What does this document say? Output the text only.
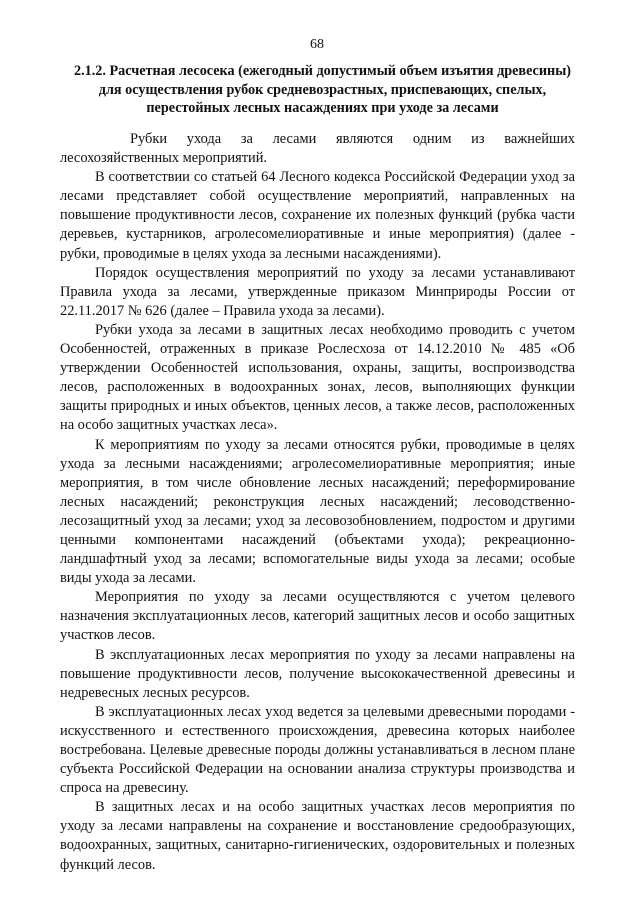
68
2.1.2. Расчетная лесосека (ежегодный допустимый объем изъятия древесины) для осуществления рубок средневозрастных, приспевающих, спелых, перестойных лесных насаждениях при уходе за лесами

Рубки ухода за лесами являются одним из важнейших лесохозяйственных мероприятий.

В соответствии со статьей 64 Лесного кодекса Российской Федерации уход за лесами представляет собой осуществление мероприятий, направленных на повышение продуктивности лесов, сохранение их полезных функций (рубка части деревьев, кустарников, агролесомелиоративные и иные мероприятия) (далее - рубки, проводимые в целях ухода за лесными насаждениями).

Порядок осуществления мероприятий по уходу за лесами устанавливают Правила ухода за лесами, утвержденные приказом Минприроды России от 22.11.2017 № 626 (далее – Правила ухода за лесами).

Рубки ухода за лесами в защитных лесах необходимо проводить с учетом Особенностей, отраженных в приказе Рослесхоза от 14.12.2010 № 485 «Об утверждении Особенностей использования, охраны, защиты, воспроизводства лесов, расположенных в водоохранных зонах, лесов, выполняющих функции защиты природных и иных объектов, ценных лесов, а также лесов, расположенных на особо защитных участках леса».

К мероприятиям по уходу за лесами относятся рубки, проводимые в целях ухода за лесными насаждениями; агролесомелиоративные мероприятия; иные мероприятия, в том числе обновление лесных насаждений; переформирование лесных насаждений; реконструкция лесных насаждений; лесоводственно-лесозащитный уход за лесами; уход за лесовозобновлением, подростом и другими ценными компонентами насаждений (объектами ухода); рекреационно-ландшафтный уход за лесами; вспомогательные виды ухода за лесами; особые виды ухода за лесами.

Мероприятия по уходу за лесами осуществляются с учетом целевого назначения эксплуатационных лесов, категорий защитных лесов и особо защитных участков лесов.

В эксплуатационных лесах мероприятия по уходу за лесами направлены на повышение продуктивности лесов, получение высококачественной древесины и недревесных лесных ресурсов.

В эксплуатационных лесах уход ведется за целевыми древесными породами - искусственного и естественного происхождения, древесина которых наиболее востребована. Целевые древесные породы должны устанавливаться в лесном плане субъекта Российской Федерации на основании анализа структуры производства и спроса на древесину.

В защитных лесах и на особо защитных участках лесов мероприятия по уходу за лесами направлены на сохранение и восстановление средообразующих, водоохранных, защитных, санитарно-гигиенических, оздоровительных и полезных функций лесов.
